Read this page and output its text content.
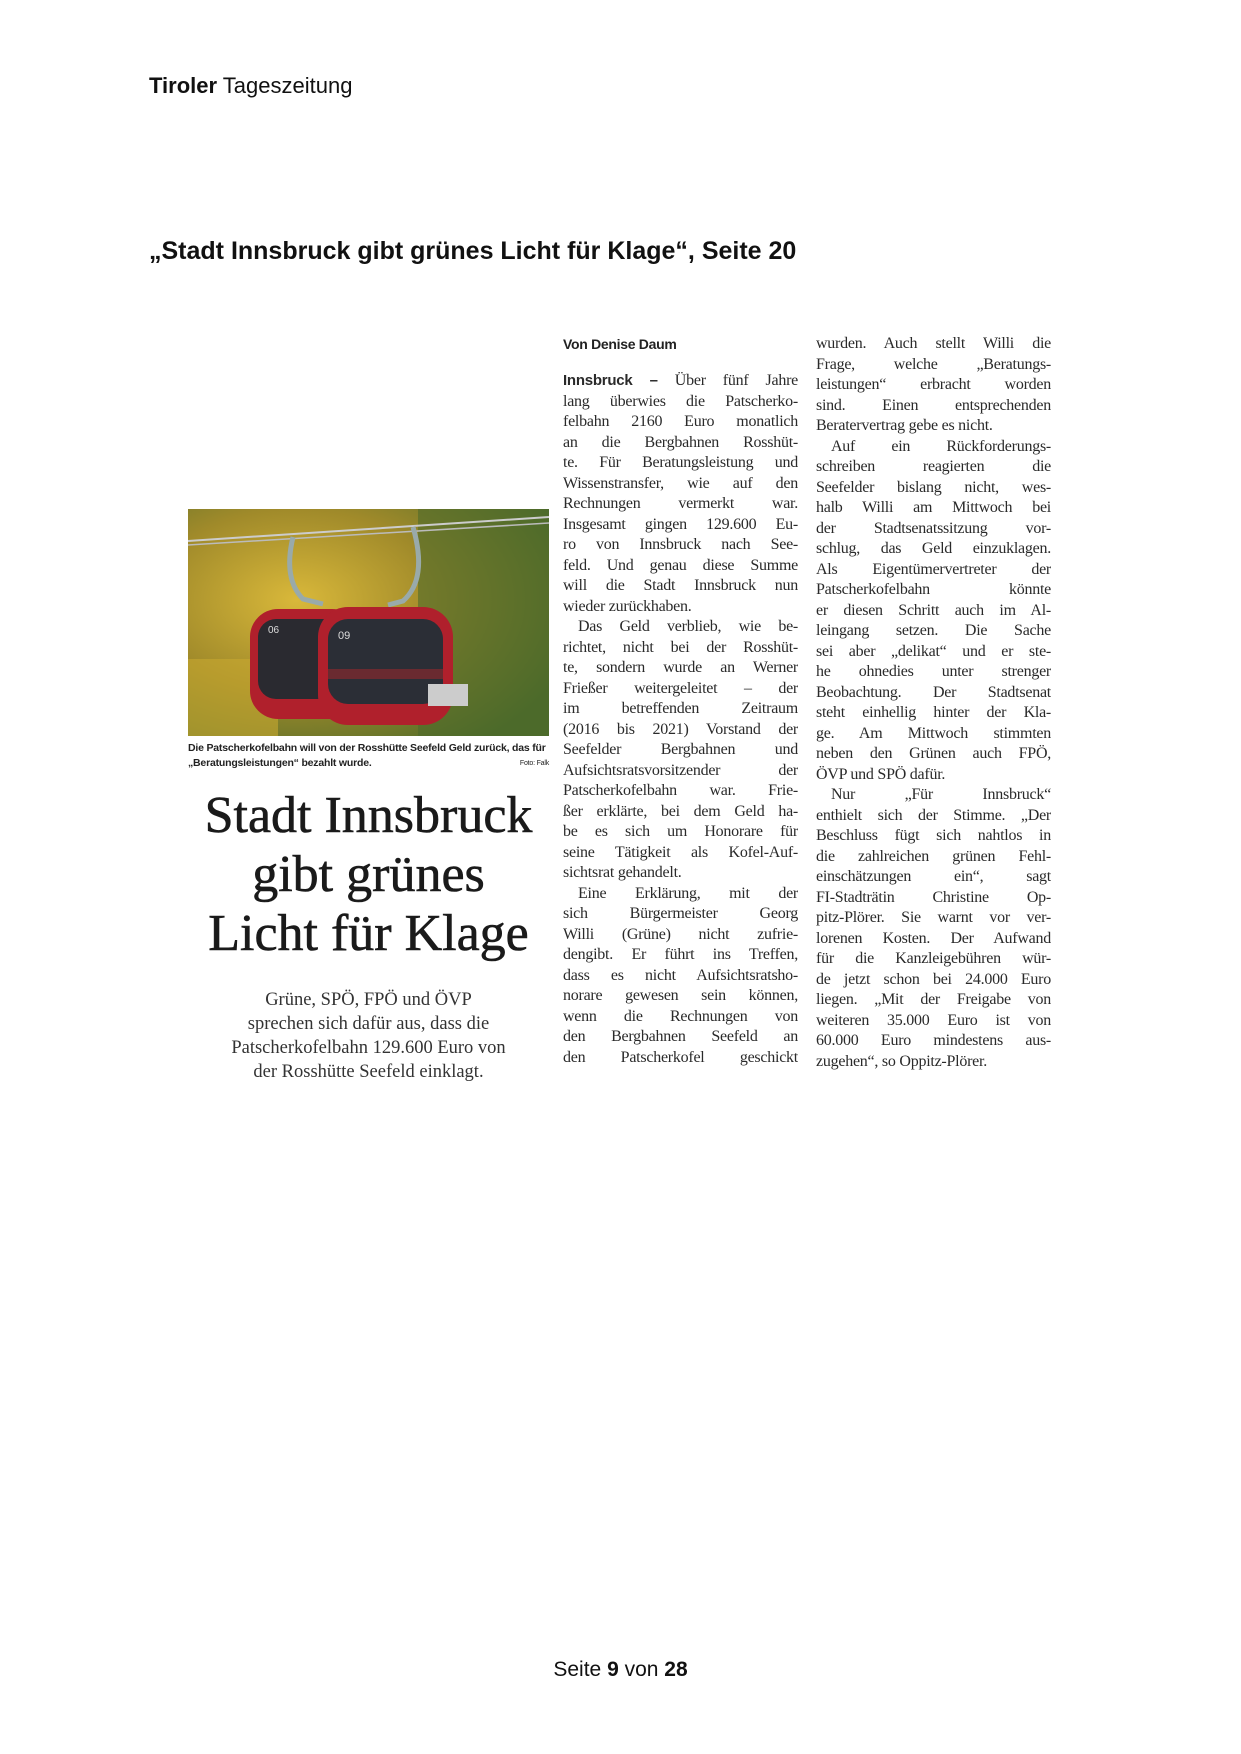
Tiroler Tageszeitung
„Stadt Innsbruck gibt grünes Licht für Klage“, Seite 20
06	09
Die Patscherkofelbahn will von der Rosshütte Seefeld Geld zurück, das für „Beratungsleistungen“ bezahlt wurde.	Foto: Falk
Stadt Innsbruck
gibt grünes
Licht für Klage
Grüne, SPÖ, FPÖ und ÖVP
sprechen sich dafür aus, dass die
Patscherkofelbahn 129.600 Euro von
der Rosshütte Seefeld einklagt.
Von Denise Daum
Innsbruck – Über fünf Jahre
lang überwies die Patscherko-
felbahn 2160 Euro monatlich
an die Bergbahnen Rosshüt-
te. Für Beratungsleistung und
Wissenstransfer, wie auf den
Rechnungen vermerkt war.
Insgesamt gingen 129.600 Eu-
ro von Innsbruck nach See-
feld. Und genau diese Summe
will die Stadt Innsbruck nun
wieder zurückhaben.
Das Geld verblieb, wie be-
richtet, nicht bei der Rosshüt-
te, sondern wurde an Werner
Frießer weitergeleitet – der
im betreffenden Zeitraum
(2016 bis 2021) Vorstand der
Seefelder Bergbahnen und
Aufsichtsratsvorsitzender der
Patscherkofelbahn war. Frie-
ßer erklärte, bei dem Geld ha-
be es sich um Honorare für
seine Tätigkeit als Kofel-Auf-
sichtsrat gehandelt.
Eine Erklärung, mit der
sich Bürgermeister Georg
Willi (Grüne) nicht zufrie-
dengibt. Er führt ins Treffen,
dass es nicht Aufsichtsratsho-
norare gewesen sein können,
wenn die Rechnungen von
den Bergbahnen Seefeld an
den Patscherkofel geschickt
wurden. Auch stellt Willi die
Frage, welche „Beratungs-
leistungen“ erbracht worden
sind. Einen entsprechenden
Beratervertrag gebe es nicht.
Auf ein Rückforderungs-
schreiben reagierten die
Seefelder bislang nicht, wes-
halb Willi am Mittwoch bei
der Stadtsenatssitzung vor-
schlug, das Geld einzuklagen.
Als Eigentümervertreter der
Patscherkofelbahn könnte
er diesen Schritt auch im Al-
leingang setzen. Die Sache
sei aber „delikat“ und er ste-
he ohnedies unter strenger
Beobachtung. Der Stadtsenat
steht einhellig hinter der Kla-
ge. Am Mittwoch stimmten
neben den Grünen auch FPÖ,
ÖVP und SPÖ dafür.
Nur „Für Innsbruck“
enthielt sich der Stimme. „Der
Beschluss fügt sich nahtlos in
die zahlreichen grünen Fehl-
einschätzungen ein“, sagt
FI-Stadträtin Christine Op-
pitz-Plörer. Sie warnt vor ver-
lorenen Kosten. Der Aufwand
für die Kanzleigebühren wür-
de jetzt schon bei 24.000 Euro
liegen. „Mit der Freigabe von
weiteren 35.000 Euro ist von
60.000 Euro mindestens aus-
zugehen“, so Oppitz-Plörer.
Seite 9 von 28
